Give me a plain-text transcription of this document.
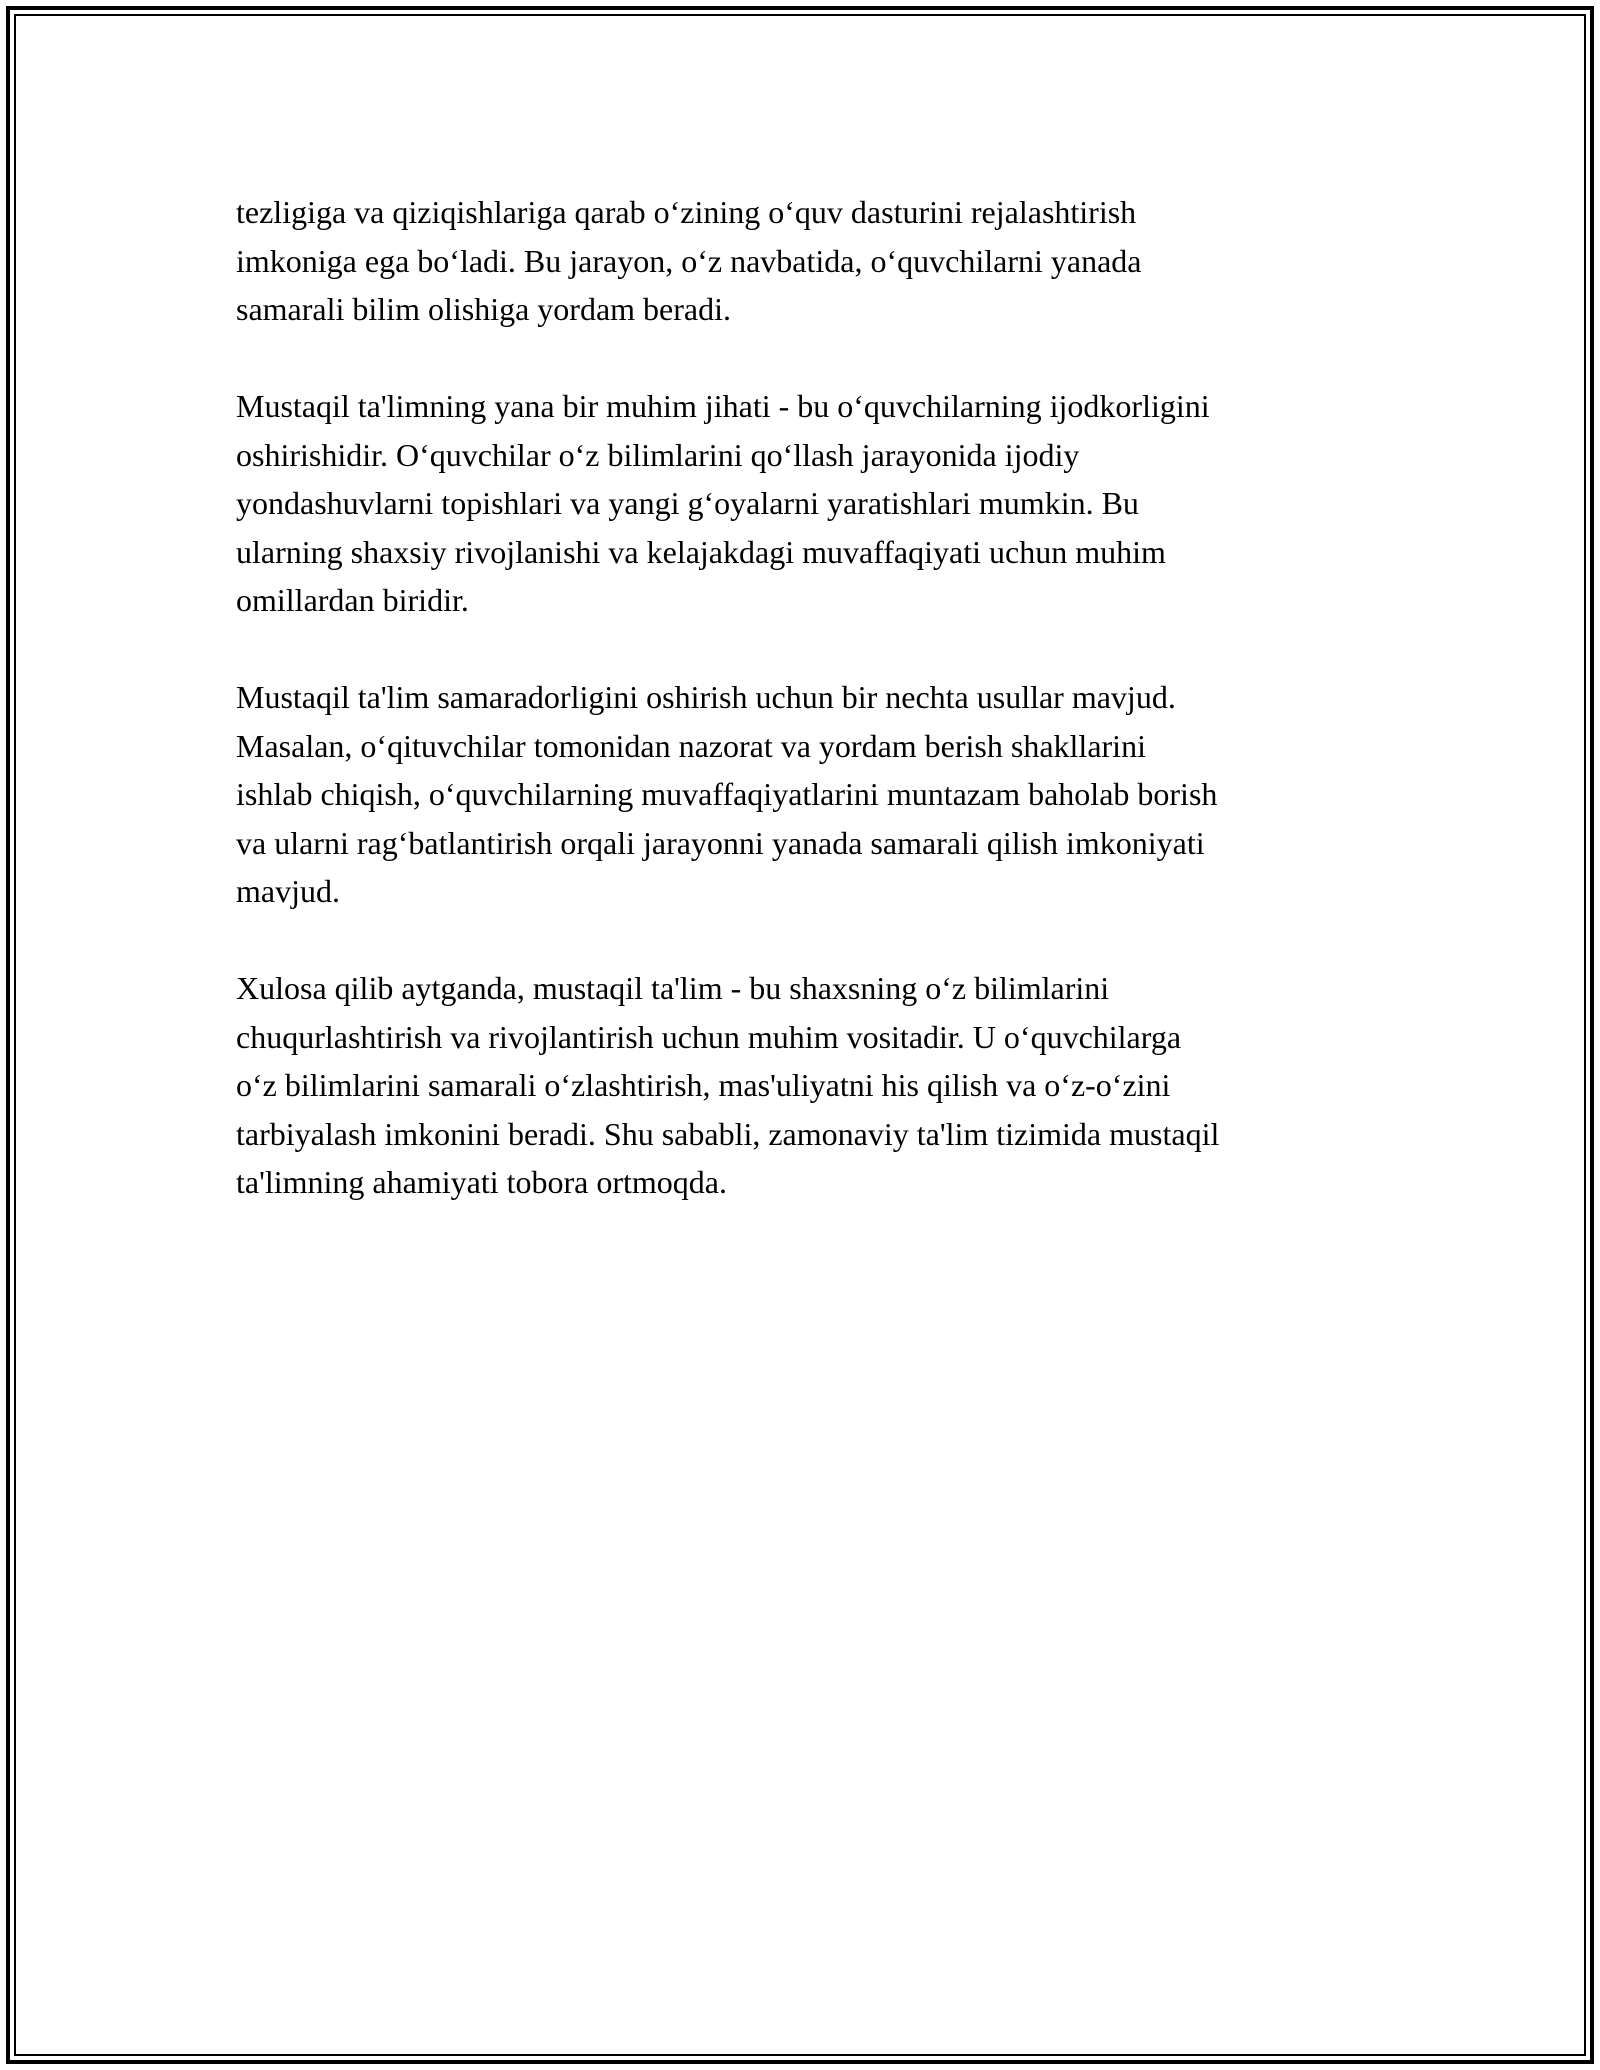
tezligiga va qiziqishlariga qarab o‘zining o‘quv dasturini rejalashtirish
imkoniga ega bo‘ladi. Bu jarayon, o‘z navbatida, o‘quvchilarni yanada
samarali bilim olishiga yordam beradi.
Mustaqil ta'limning yana bir muhim jihati - bu o‘quvchilarning ijodkorligini
oshirishidir. O‘quvchilar o‘z bilimlarini qo‘llash jarayonida ijodiy
yondashuvlarni topishlari va yangi g‘oyalarni yaratishlari mumkin. Bu
ularning shaxsiy rivojlanishi va kelajakdagi muvaffaqiyati uchun muhim
omillardan biridir.
Mustaqil ta'lim samaradorligini oshirish uchun bir nechta usullar mavjud.
Masalan, o‘qituvchilar tomonidan nazorat va yordam berish shakllarini
ishlab chiqish, o‘quvchilarning muvaffaqiyatlarini muntazam baholab borish
va ularni rag‘batlantirish orqali jarayonni yanada samarali qilish imkoniyati
mavjud.
Xulosa qilib aytganda, mustaqil ta'lim - bu shaxsning o‘z bilimlarini
chuqurlashtirish va rivojlantirish uchun muhim vositadir. U o‘quvchilarga
o‘z bilimlarini samarali o‘zlashtirish, mas'uliyatni his qilish va o‘z-o‘zini
tarbiyalash imkonini beradi. Shu sababli, zamonaviy ta'lim tizimida mustaqil
ta'limning ahamiyati tobora ortmoqda.
